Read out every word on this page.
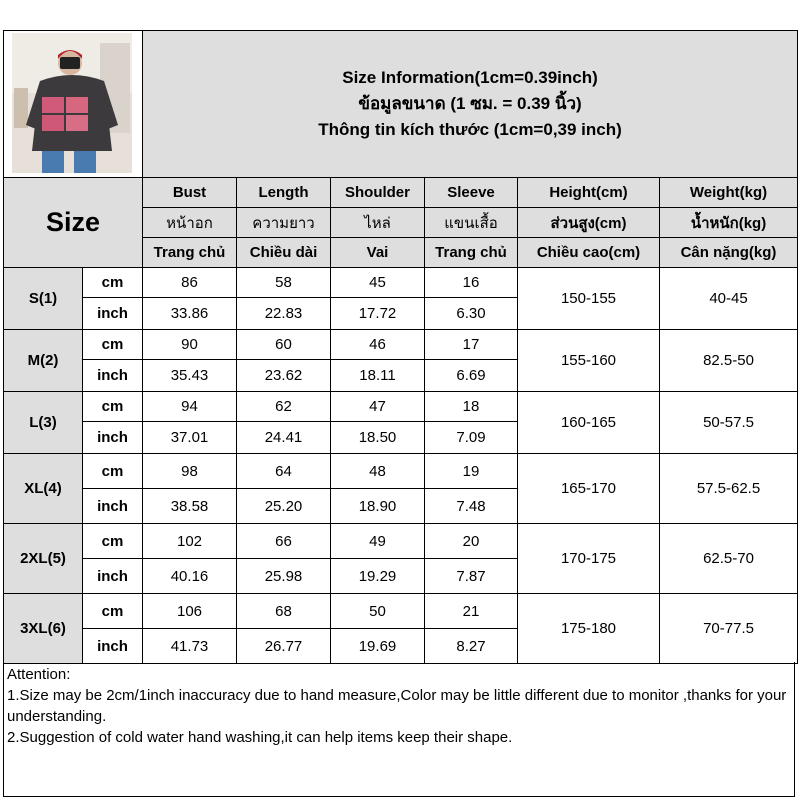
Size Information(1cm=0.39inch)
ข้อมูลขนาด (1 ซม. = 0.39 นิ้ว)
Thông tin kích thước (1cm=0,39 inch)					

Size		Bust	Length	Shoulder	Sleeve	Height(cm)	Weight(kg)
		หน้าอก	ความยาว	ไหล่	แขนเสื้อ	ส่วนสูง(cm)	น้ำหนัก(kg)
		Trang chủ	Chiều dài	Vai	Trang chủ	Chiều cao(cm)	Cân nặng(kg)
S(1)	cm	86	58	45	16	150-155	40-45
	inch	33.86	22.83	17.72	6.30		
M(2)	cm	90	60	46	17	155-160	82.5-50
	inch	35.43	23.62	18.11	6.69		
L(3)	cm	94	62	47	18	160-165	50-57.5
	inch	37.01	24.41	18.50	7.09		
XL(4)	cm	98	64	48	19	165-170	57.5-62.5
	inch	38.58	25.20	18.90	7.48		
2XL(5)	cm	102	66	49	20	170-175	62.5-70
	inch	40.16	25.98	19.29	7.87		
3XL(6)	cm	106	68	50	21	175-180	70-77.5
	inch	41.73	26.77	19.69	8.27		
Attention:
1.Size may be 2cm/1inch inaccuracy due to hand measure,Color may be little different due to monitor ,thanks for your understanding.
2.Suggestion of cold water hand washing,it can help items keep their shape.
